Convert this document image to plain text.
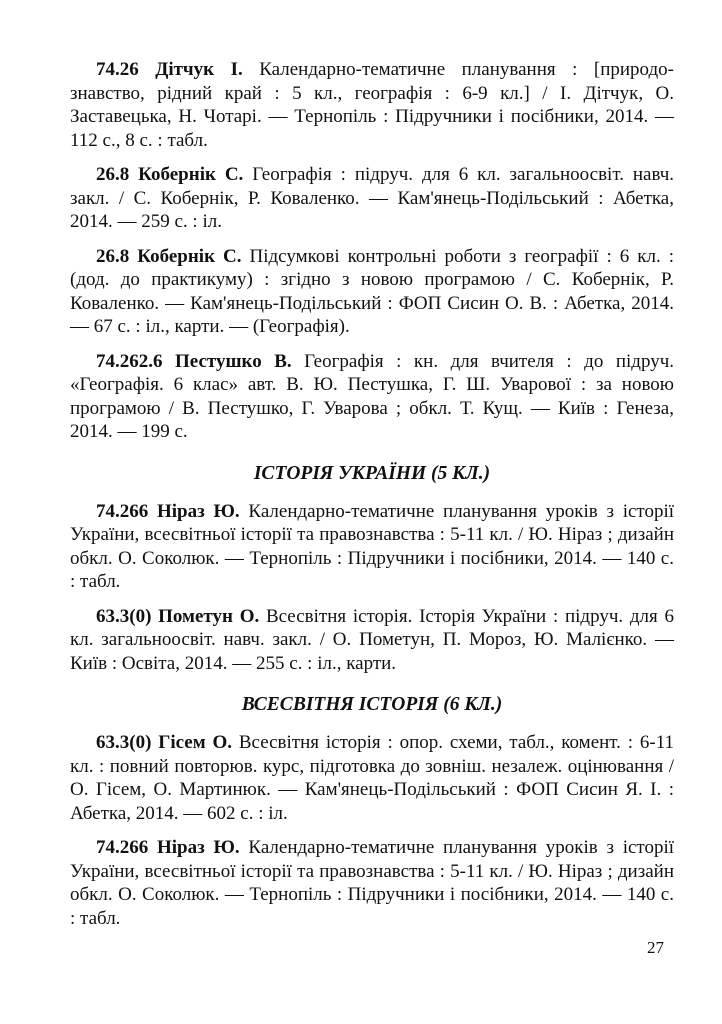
74.26 Дітчук І. Календарно-тематичне планування : [природо-знавство, рідний край : 5 кл., географія : 6-9 кл.] / І. Дітчук, О. Заставецька, Н. Чотарі. — Тернопіль : Підручники і посібники, 2014. — 112 с., 8 с. : табл.

26.8 Кобернік С. Географія : підруч. для 6 кл. загальноосвіт. навч. закл. / С. Кобернік, Р. Коваленко. — Кам'янець-Подільський : Абетка, 2014. — 259 с. : іл.

26.8 Кобернік С. Підсумкові контрольні роботи з географії : 6 кл. : (дод. до практикуму) : згідно з новою програмою / С. Кобернік, Р. Коваленко. — Кам'янець-Подільський : ФОП Сисин О. В. : Абетка, 2014. — 67 с. : іл., карти. — (Географія).

74.262.6 Пестушко В. Географія : кн. для вчителя : до підруч. «Географія. 6 клас» авт. В. Ю. Пестушка, Г. Ш. Уварової : за новою програмою / В. Пестушко, Г. Уварова ; обкл. Т. Кущ. — Київ : Генеза, 2014. — 199 с.

ІСТОРІЯ УКРАЇНИ (5 КЛ.)

74.266 Ніраз Ю. Календарно-тематичне планування уроків з історії України, всесвітньої історії та правознавства : 5-11 кл. / Ю. Ніраз ; дизайн обкл. О. Соколюк. — Тернопіль : Підручники і посібники, 2014. — 140 с. : табл.

63.3(0) Пометун О. Всесвітня історія. Історія України : підруч. для 6 кл. загальноосвіт. навч. закл. / О. Пометун, П. Мороз, Ю. Малієнко. — Київ : Освіта, 2014. — 255 с. : іл., карти.

ВСЕСВІТНЯ ІСТОРІЯ (6 КЛ.)

63.3(0) Гісем О. Всесвітня історія : опор. схеми, табл., комент. : 6-11 кл. : повний повторюв. курс, підготовка до зовніш. незалеж. оцінювання / О. Гісем, О. Мартинюк. — Кам'янець-Подільський : ФОП Сисин Я. І. : Абетка, 2014. — 602 с. : іл.

74.266 Ніраз Ю. Календарно-тематичне планування уроків з історії України, всесвітньої історії та правознавства : 5-11 кл. / Ю. Ніраз ; дизайн обкл. О. Соколюк. — Тернопіль : Підручники і посібники, 2014. — 140 с. : табл.

27
